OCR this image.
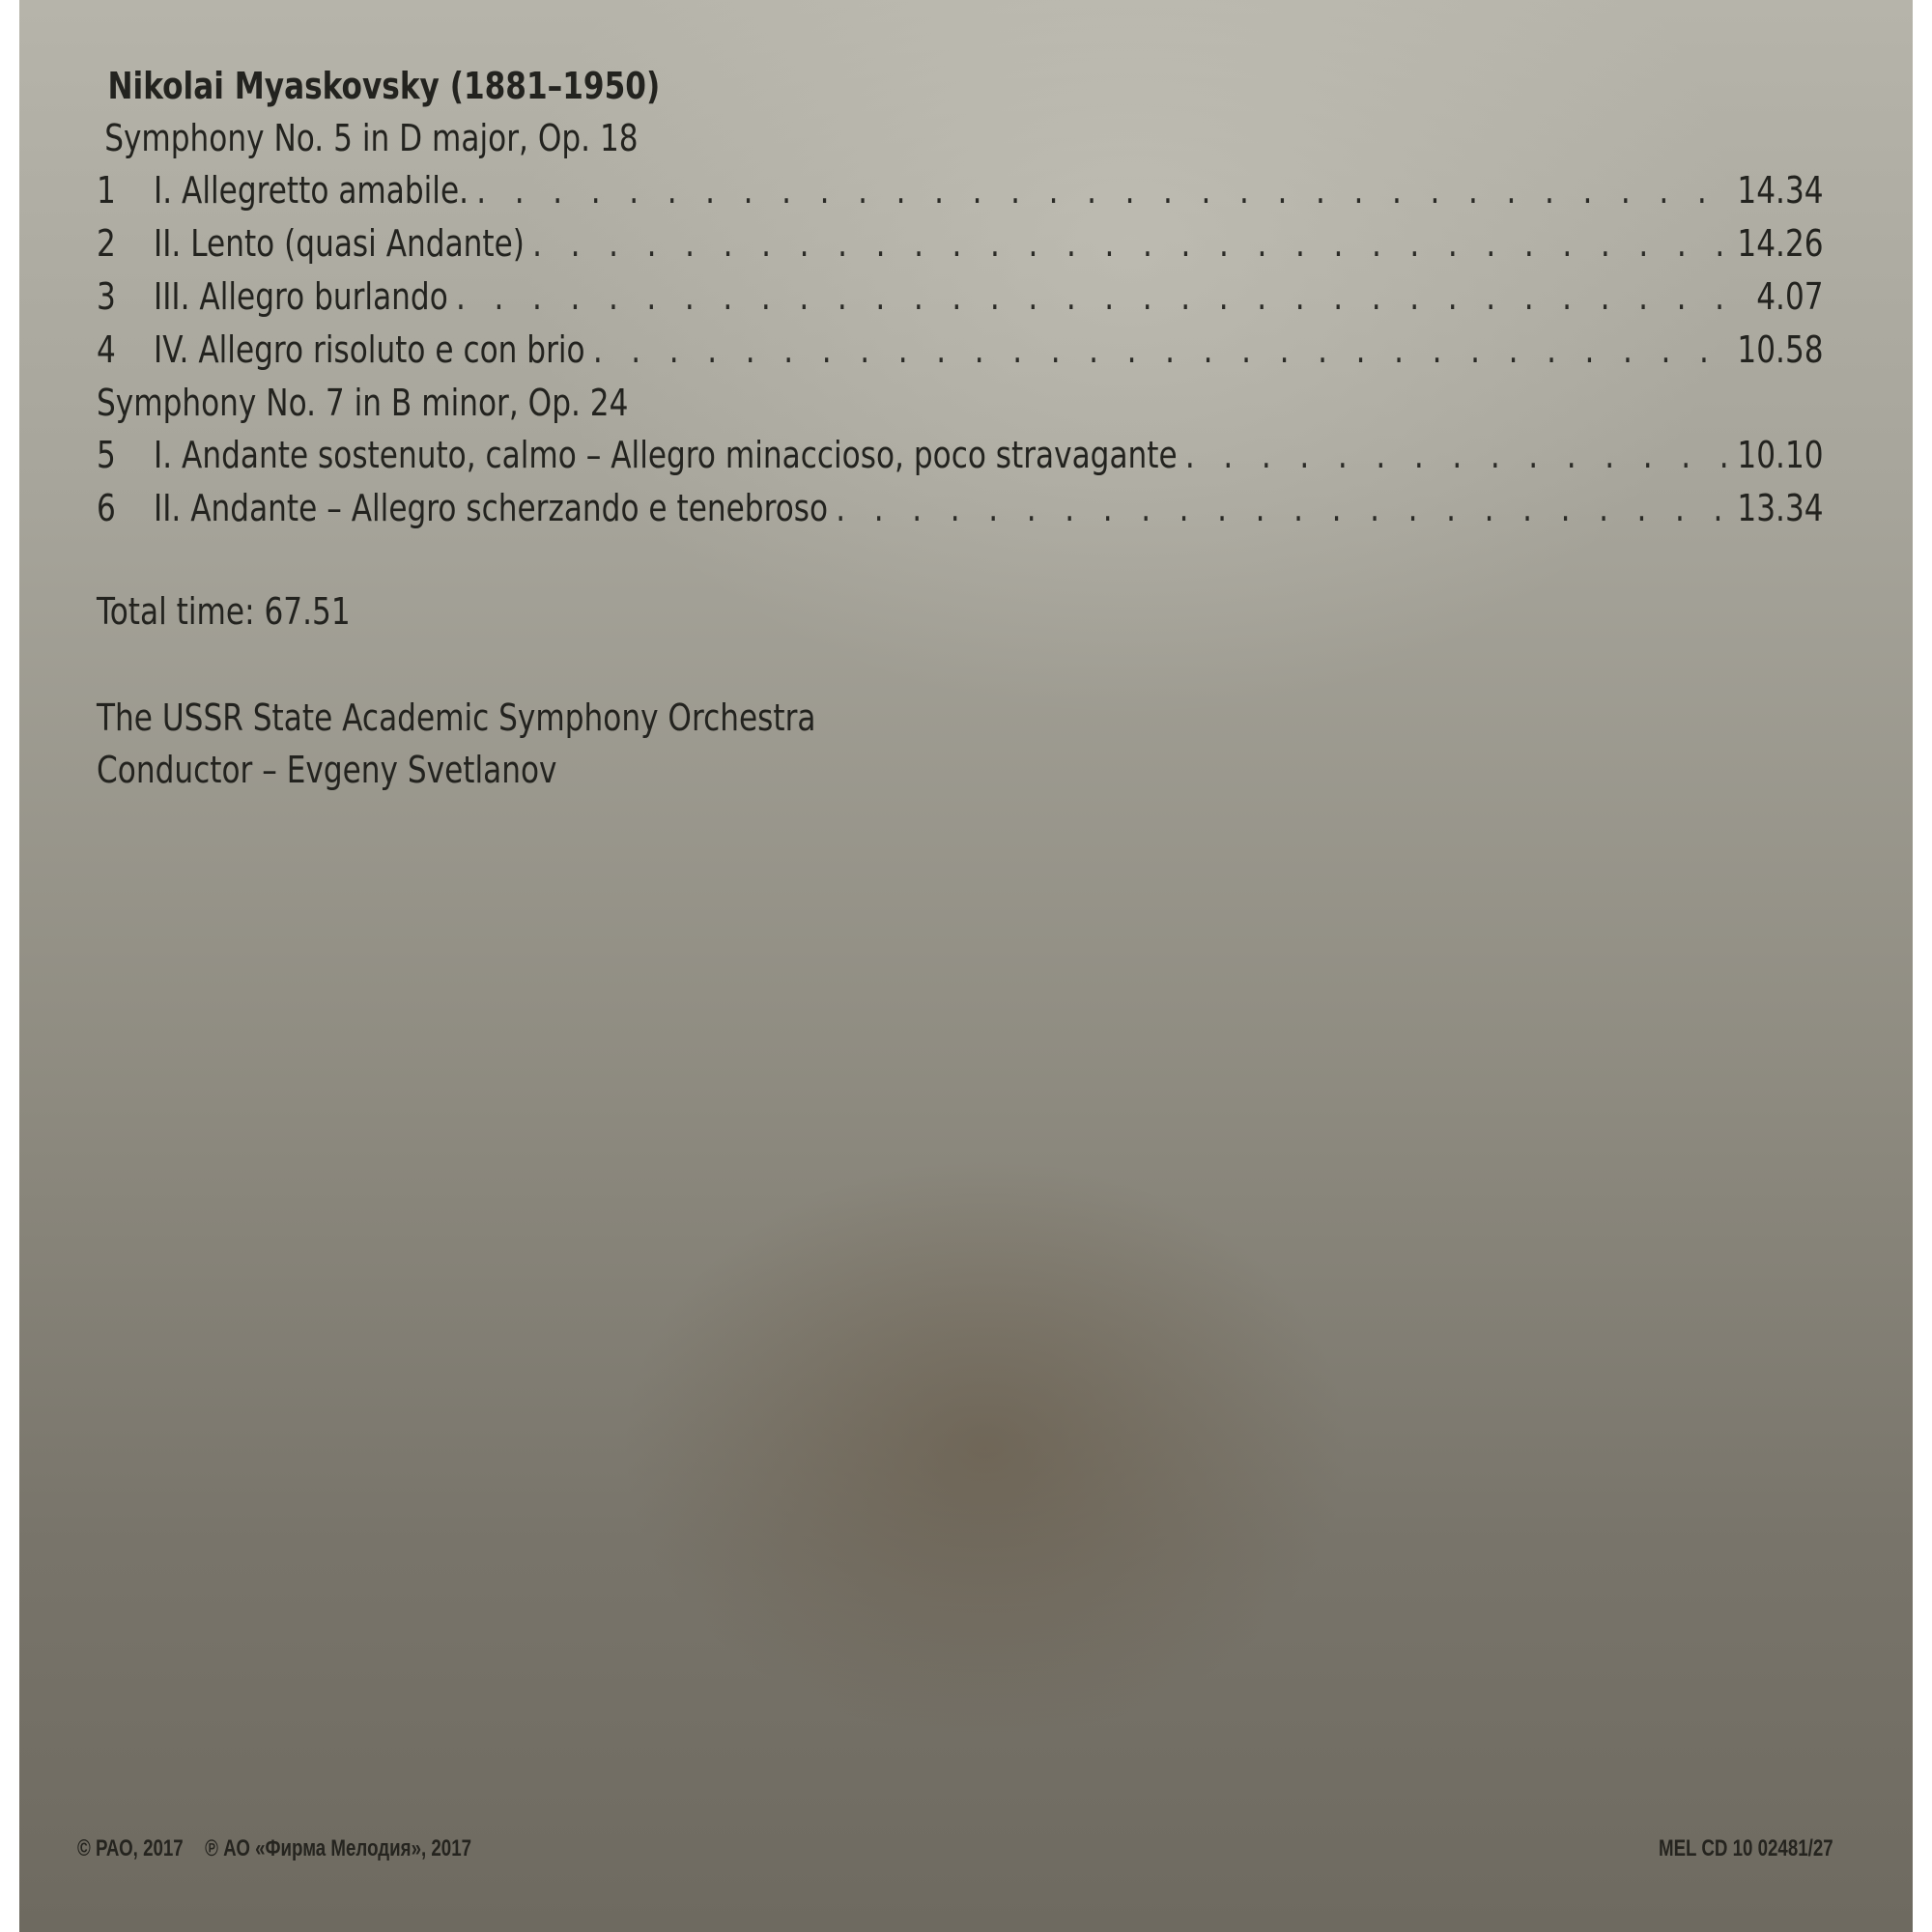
Nikolai Myaskovsky (1881–1950)
Symphony No. 5 in D major, Op. 18
1	I. Allegretto amabile. . . .	14.34
2	II. Lento (quasi Andante) . . .	14.26
3	III. Allegro burlando . . .	4.07
4	IV. Allegro risoluto e con brio . . .	10.58
Symphony No. 7 in B minor, Op. 24
5	I. Andante sostenuto, calmo – Allegro minaccioso, poco stravagante . . .	10.10
6	II. Andante – Allegro scherzando e tenebroso . . .	13.34
Total time: 67.51
The USSR State Academic Symphony Orchestra
Conductor – Evgeny Svetlanov
© РАО, 2017 ℗ АО «Фирма Мелодия», 2017	MEL CD 10 02481/27
